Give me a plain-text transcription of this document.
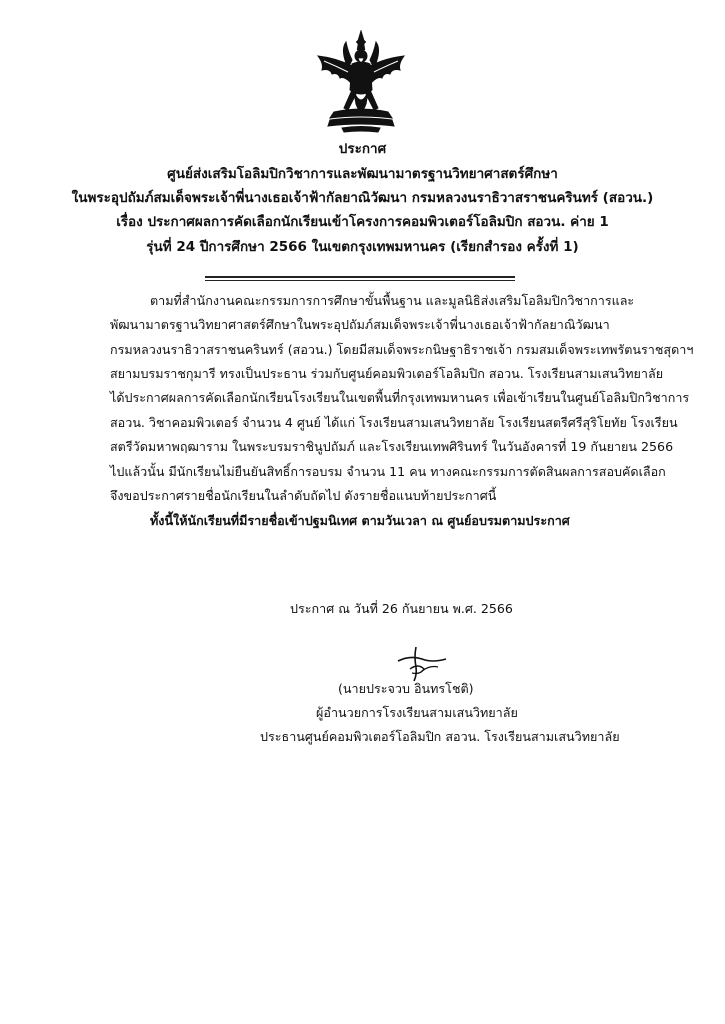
ประกาศ
ศูนย์ส่งเสริมโอลิมปิกวิชาการและพัฒนามาตรฐานวิทยาศาสตร์ศึกษา
ในพระอุปถัมภ์สมเด็จพระเจ้าพี่นางเธอเจ้าฟ้ากัลยาณิวัฒนา กรมหลวงนราธิวาสราชนครินทร์ (สอวน.)
เรื่อง ประกาศผลการคัดเลือกนักเรียนเข้าโครงการคอมพิวเตอร์โอลิมปิก สอวน. ค่าย 1
รุ่นที่ 24 ปีการศึกษา 2566 ในเขตกรุงเทพมหานคร (เรียกสำรอง ครั้งที่ 1)
ตามที่สำนักงานคณะกรรมการการศึกษาขั้นพื้นฐาน และมูลนิธิส่งเสริมโอลิมปิกวิชาการและ
พัฒนามาตรฐานวิทยาศาสตร์ศึกษาในพระอุปถัมภ์สมเด็จพระเจ้าพี่นางเธอเจ้าฟ้ากัลยาณิวัฒนา
กรมหลวงนราธิวาสราชนครินทร์ (สอวน.) โดยมีสมเด็จพระกนิษฐาธิราชเจ้า กรมสมเด็จพระเทพรัตนราชสุดาฯ
สยามบรมราชกุมารี ทรงเป็นประธาน ร่วมกับศูนย์คอมพิวเตอร์โอลิมปิก สอวน. โรงเรียนสามเสนวิทยาลัย
ได้ประกาศผลการคัดเลือกนักเรียนโรงเรียนในเขตพื้นที่กรุงเทพมหานคร เพื่อเข้าเรียนในศูนย์โอลิมปิกวิชาการ
สอวน. วิชาคอมพิวเตอร์ จำนวน 4 ศูนย์ ได้แก่ โรงเรียนสามเสนวิทยาลัย โรงเรียนสตรีศรีสุริโยทัย โรงเรียน
สตรีวัดมหาพฤฒาราม ในพระบรมราชินูปถัมภ์ และโรงเรียนเทพศิรินทร์ ในวันอังคารที่ 19 กันยายน 2566
ไปแล้วนั้น มีนักเรียนไม่ยืนยันสิทธิ์การอบรม จำนวน 11 คน ทางคณะกรรมการตัดสินผลการสอบคัดเลือก
จึงขอประกาศรายชื่อนักเรียนในลำดับถัดไป ดังรายชื่อแนบท้ายประกาศนี้
ทั้งนี้ให้นักเรียนที่มีรายชื่อเข้าปฐมนิเทศ ตามวันเวลา ณ ศูนย์อบรมตามประกาศ
ประกาศ ณ วันที่ 26 กันยายน พ.ศ. 2566
(นายประจวบ อินทรโชติ)
ผู้อำนวยการโรงเรียนสามเสนวิทยาลัย
ประธานศูนย์คอมพิวเตอร์โอลิมปิก สอวน. โรงเรียนสามเสนวิทยาลัย
